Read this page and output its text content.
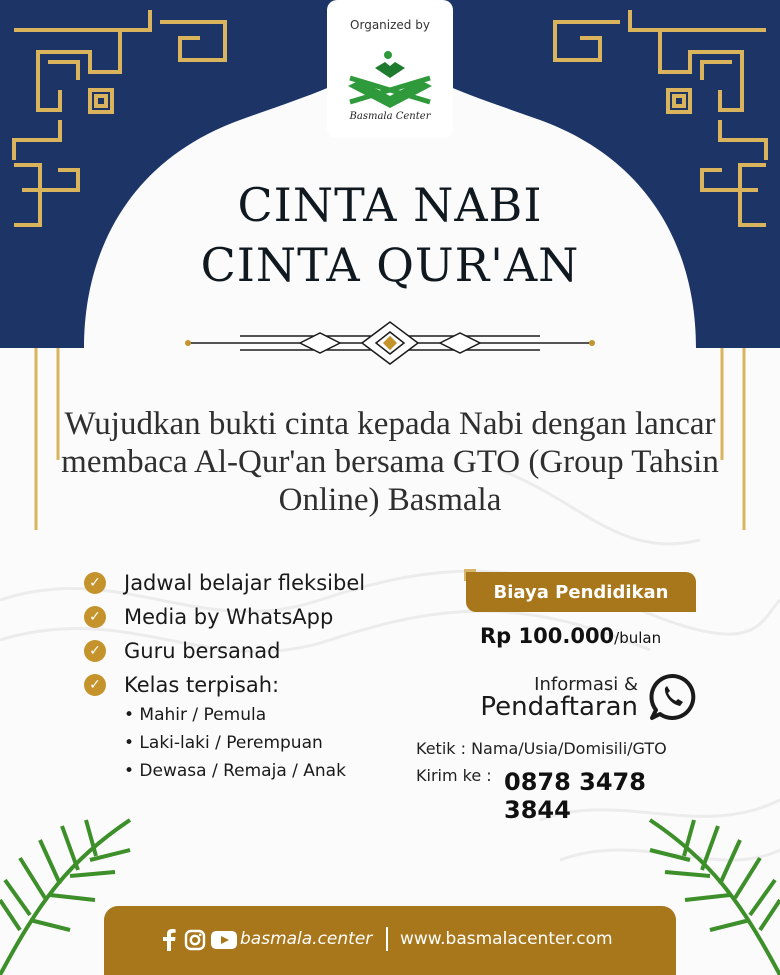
Organized by
Basmala Center
CINTA NABI
CINTA QUR'AN
Wujudkan bukti cinta kepada Nabi dengan lancar membaca Al-Qur'an bersama GTO (Group Tahsin Online) Basmala
✓ Jadwal belajar fleksibel
✓ Media by WhatsApp
✓ Guru bersanad
✓ Kelas terpisah:
• Mahir / Pemula
• Laki-laki / Perempuan
• Dewasa / Remaja / Anak
Biaya Pendidikan
Rp 100.000/bulan
Informasi &
Pendaftaran
Ketik : Nama/Usia/Domisili/GTO
Kirim ke : 0878 3478 3844
basmala.center www.basmalacenter.com
